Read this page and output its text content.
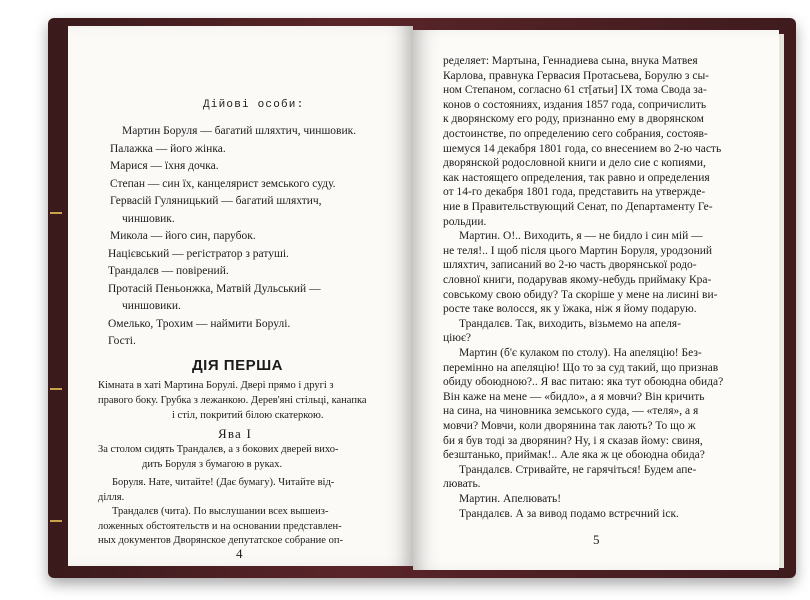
Дійові особи:
Мартин Боруля — багатий шляхтич, чиншовик.
Палажка — його жінка.
Марися — їхня дочка.
Степан — син їх, канцелярист земського суду.
Гервасій Гуляницький — багатий шляхтич,
чиншовик.
Микола — його син, парубок.
Націєвський — регістратор з ратуші.
Трандалєв — повірений.
Протасій Пеньонжка, Матвій Дульський —
чиншовики.
Омелько, Трохим — наймити Борулі.
Гості.
ДІЯ ПЕРША
Кімната в хаті Мартина Борулі. Двері прямо і другі з
правого боку. Грубка з лежанкою. Дерев'яні стільці, канапка
і стіл, покритий білою скатеркою.
Ява І
За столом сидять Трандалєв, а з бокових дверей вихо-
дить Боруля з бумагою в руках.
Боруля. Нате, читайте! (Дає бумагу). Читайте від-
ділля.
Трандалєв (чита). По выслушании всех вышеиз-
ложенных обстоятельств и на основании представлен-
ных документов Дворянское депутатское собрание оп-
4
ределяет: Мартына, Геннадиева сына, внука Матвея
Карлова, правнука Гервасия Протасьева, Борулю з сы-
ном Степаном, согласно 61 ст[атьи] IX тома Свода за-
конов о состояниях, издания 1857 года, сопричислить
к дворянскому его роду, признанно ему в дворянском
достоинстве, по определению сего собрания, состояв-
шемуся 14 декабря 1801 года, со внесением во 2-ю часть
дворянской родословной книги и дело сие с копиями,
как настоящего определения, так равно и определения
от 14-го декабря 1801 года, представить на утвержде-
ние в Правительствующий Сенат, по Департаменту Ге-
рольдии.
Мартин. О!.. Виходить, я — не бидло і син мій —
не теля!.. І щоб після цього Мартин Боруля, уродзоний
шляхтич, записаний во 2-ю часть дворянської родо-
словної книги, подарував якому-небудь приймаку Кра-
совському свою обиду? Та скоріше у мене на лисині ви-
росте таке волосся, як у їжака, ніж я йому подарую.
Трандалєв. Так, виходить, візьмемо на апеля-
ціює?
Мартин (б'є кулаком по столу). На апеляцію! Без-
перемінно на апеляцію! Що то за суд такий, що признав
обиду обоюдною?.. Я вас питаю: яка тут обоюдна обида?
Він каже на мене — «бидло», а я мовчи? Він кричить
на сина, на чиновника земського суда, — «теля», а я
мовчи? Мовчи, коли дворянина так лають? То що ж
би я був тоді за дворянин? Ну, і я сказав йому: свиня,
безштанько, приймак!.. Але яка ж це обоюдна обида?
Трандалєв. Стривайте, не гарячіться! Будем апе-
лювать.
Мартин. Апелювать!
Трандалєв. А за вивод подамо встрєчний іск.
5
